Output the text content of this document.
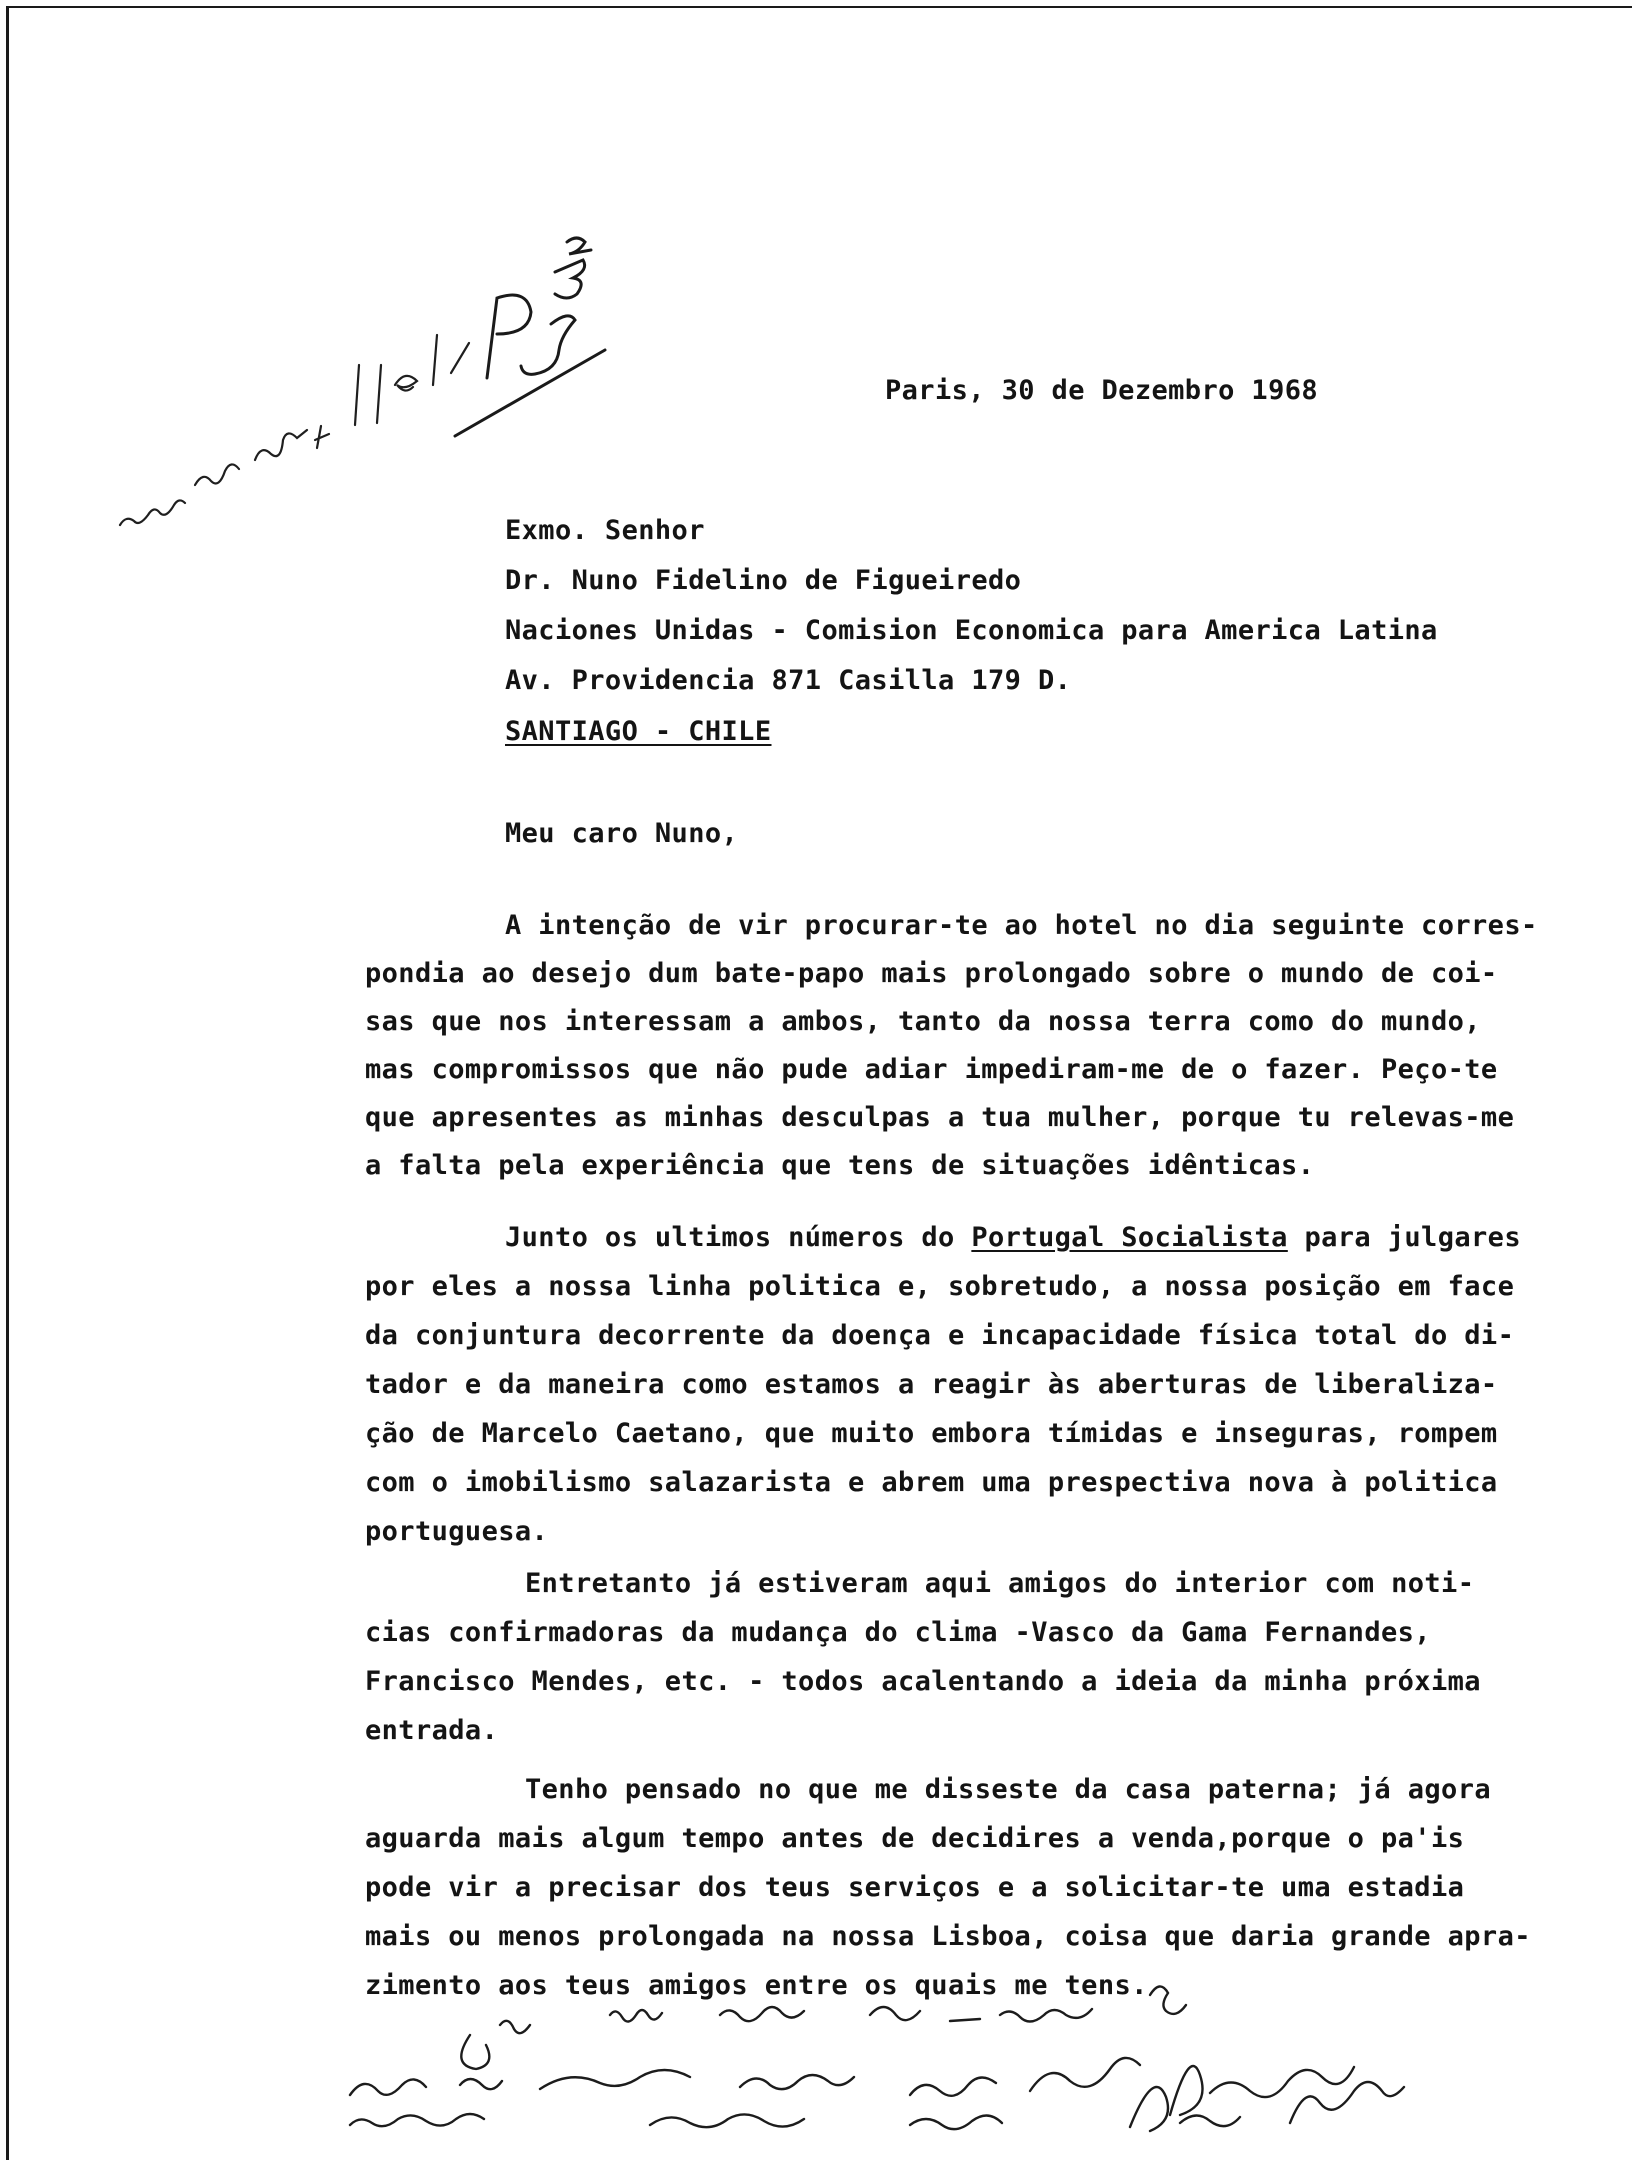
Paris, 30 de Dezembro 1968
Exmo. Senhor
Dr. Nuno Fidelino de Figueiredo
Naciones Unidas - Comision Economica para America Latina
Av. Providencia 871 Casilla 179 D.
SANTIAGO - CHILE
Meu caro Nuno,
A intenção de vir procurar-te ao hotel no dia seguinte corres-
pondia ao desejo dum bate-papo mais prolongado sobre o mundo de coi-
sas que nos interessam a ambos, tanto da nossa terra como do mundo,
mas compromissos que não pude adiar impediram-me de o fazer. Peço-te
que apresentes as minhas desculpas a tua mulher, porque tu relevas-me
a falta pela experiência que tens de situações idênticas.
Junto os ultimos números do Portugal Socialista para julgares
por eles a nossa linha politica e, sobretudo, a nossa posição em face
da conjuntura decorrente da doença e incapacidade física total do di-
tador e da maneira como estamos a reagir às aberturas de liberaliza-
ção de Marcelo Caetano, que muito embora tímidas e inseguras, rompem
com o imobilismo salazarista e abrem uma prespectiva nova à politica
portuguesa.
Entretanto já estiveram aqui amigos do interior com noti-
cias confirmadoras da mudança do clima -Vasco da Gama Fernandes,
Francisco Mendes, etc. - todos acalentando a ideia da minha próxima
entrada.
Tenho pensado no que me disseste da casa paterna; já agora
aguarda mais algum tempo antes de decidires a venda,porque o pa'is
pode vir a precisar dos teus serviços e a solicitar-te uma estadia
mais ou menos prolongada na nossa Lisboa, coisa que daria grande apra-
zimento aos teus amigos entre os quais me tens.
